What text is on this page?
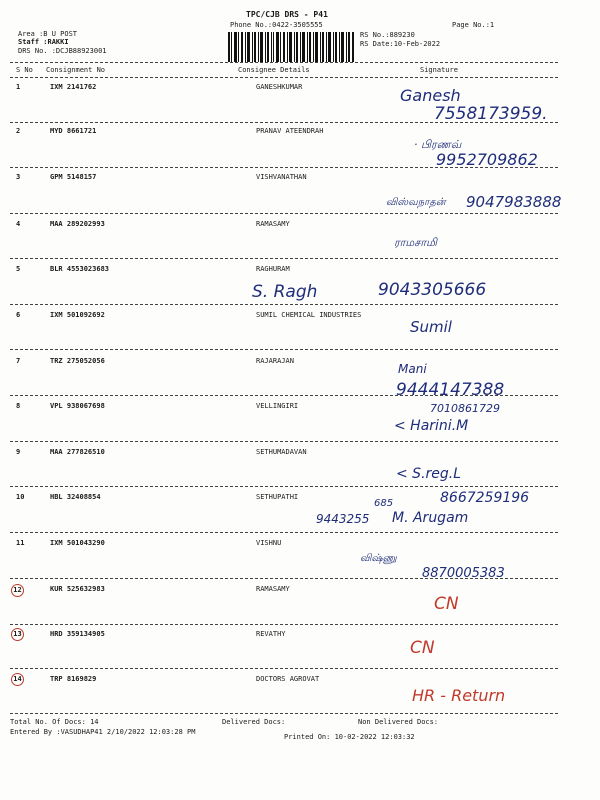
TPC/CJB DRS - P41
Phone No.:0422-3505555	Page No.:1
Area :B U POST
Staff :RAKKI
DRS No. :DCJB88923001
RS No.:889230
RS Date:10-Feb-2022
S No Consignment No	Consignee Details	Signature
1	IXM 2141762	GANESHKUMAR	Ganesh
7558173959.
2	MYD 8661721	PRANAV ATEENDRAH
· பிரணவ்
9952709862
3	GPM 5148157	VISHVANATHAN
விஸ்வநாதன் 9047983888
4	MAA 289202993	RAMASAMY
ராமசாமி
5	BLR 4553023683	RAGHURAM
S. Ragh	9043305666
6	IXM 501092692	SUMIL CHEMICAL INDUSTRIES
Sumil
7	TRZ 275052056	RAJARAJAN
Mani
9444147388
8	VPL 938067698	VELLINGIRI	7010861729
< Harini.M
9	MAA 277826510	SETHUMADAVAN
< S.reg.L
10	HBL 32408854	SETHUPATHI
685	8667259196
9443255 M. Arugam
11	IXM 501043290	VISHNU
விஷ்ணு
8870005383
12	KUR 525632983	RAMASAMY
CN
13	HRD 359134905	REVATHY
CN
14	TRP 8169829	DOCTORS AGROVAT
HR - Return
Total No. Of Docs: 14	Delivered Docs:	Non Delivered Docs:
Entered By :VASUDHAP41 2/10/2022 12:03:28 PM
Printed On: 10-02-2022 12:03:32
